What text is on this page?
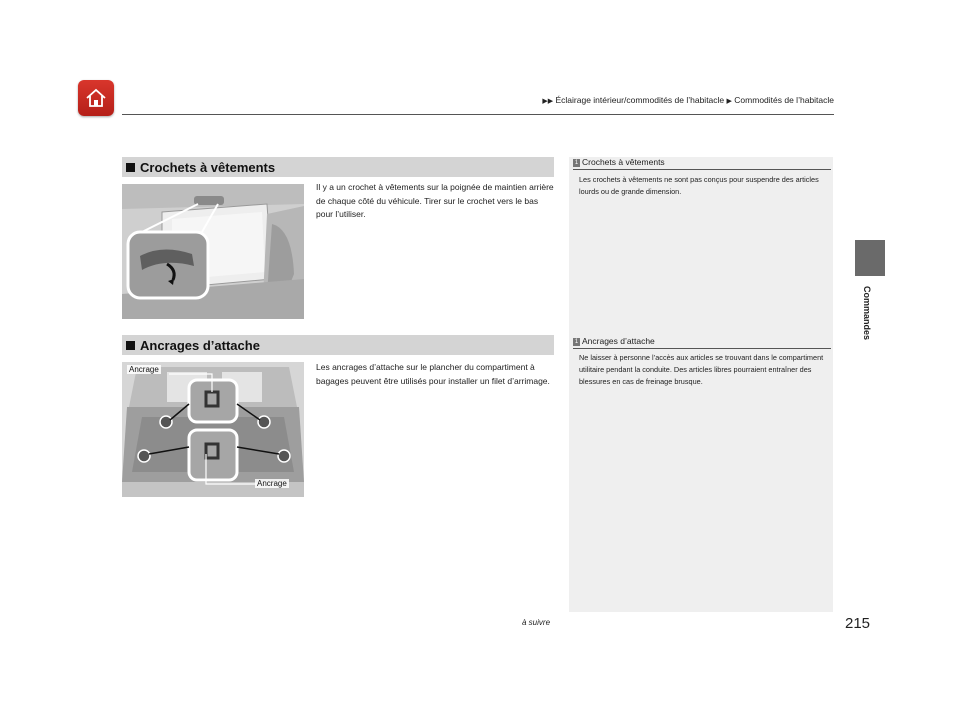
▶▶ Éclairage intérieur/commodités de l’habitacle ▶ Commodités de l’habitacle
Commandes
Crochets à vêtements
Il y a un crochet à vêtements sur la poignée de maintien arrière de chaque côté du véhicule. Tirer sur le crochet vers le bas pour l’utiliser.
1 Crochets à vêtements
Les crochets à vêtements ne sont pas conçus pour suspendre des articles lourds ou de grande dimension.
Ancrages d’attache	1 Ancrages d’attache
Ne laisser à personne l’accès aux articles se trouvant dans le compartiment utilitaire pendant la conduite. Des articles libres pourraient entraîner des blessures en cas de freinage brusque.
Ancrage
Ancrage
Les ancrages d’attache sur le plancher du compartiment à bagages peuvent être utilisés pour installer un filet d’arrimage.
à suivre	215
